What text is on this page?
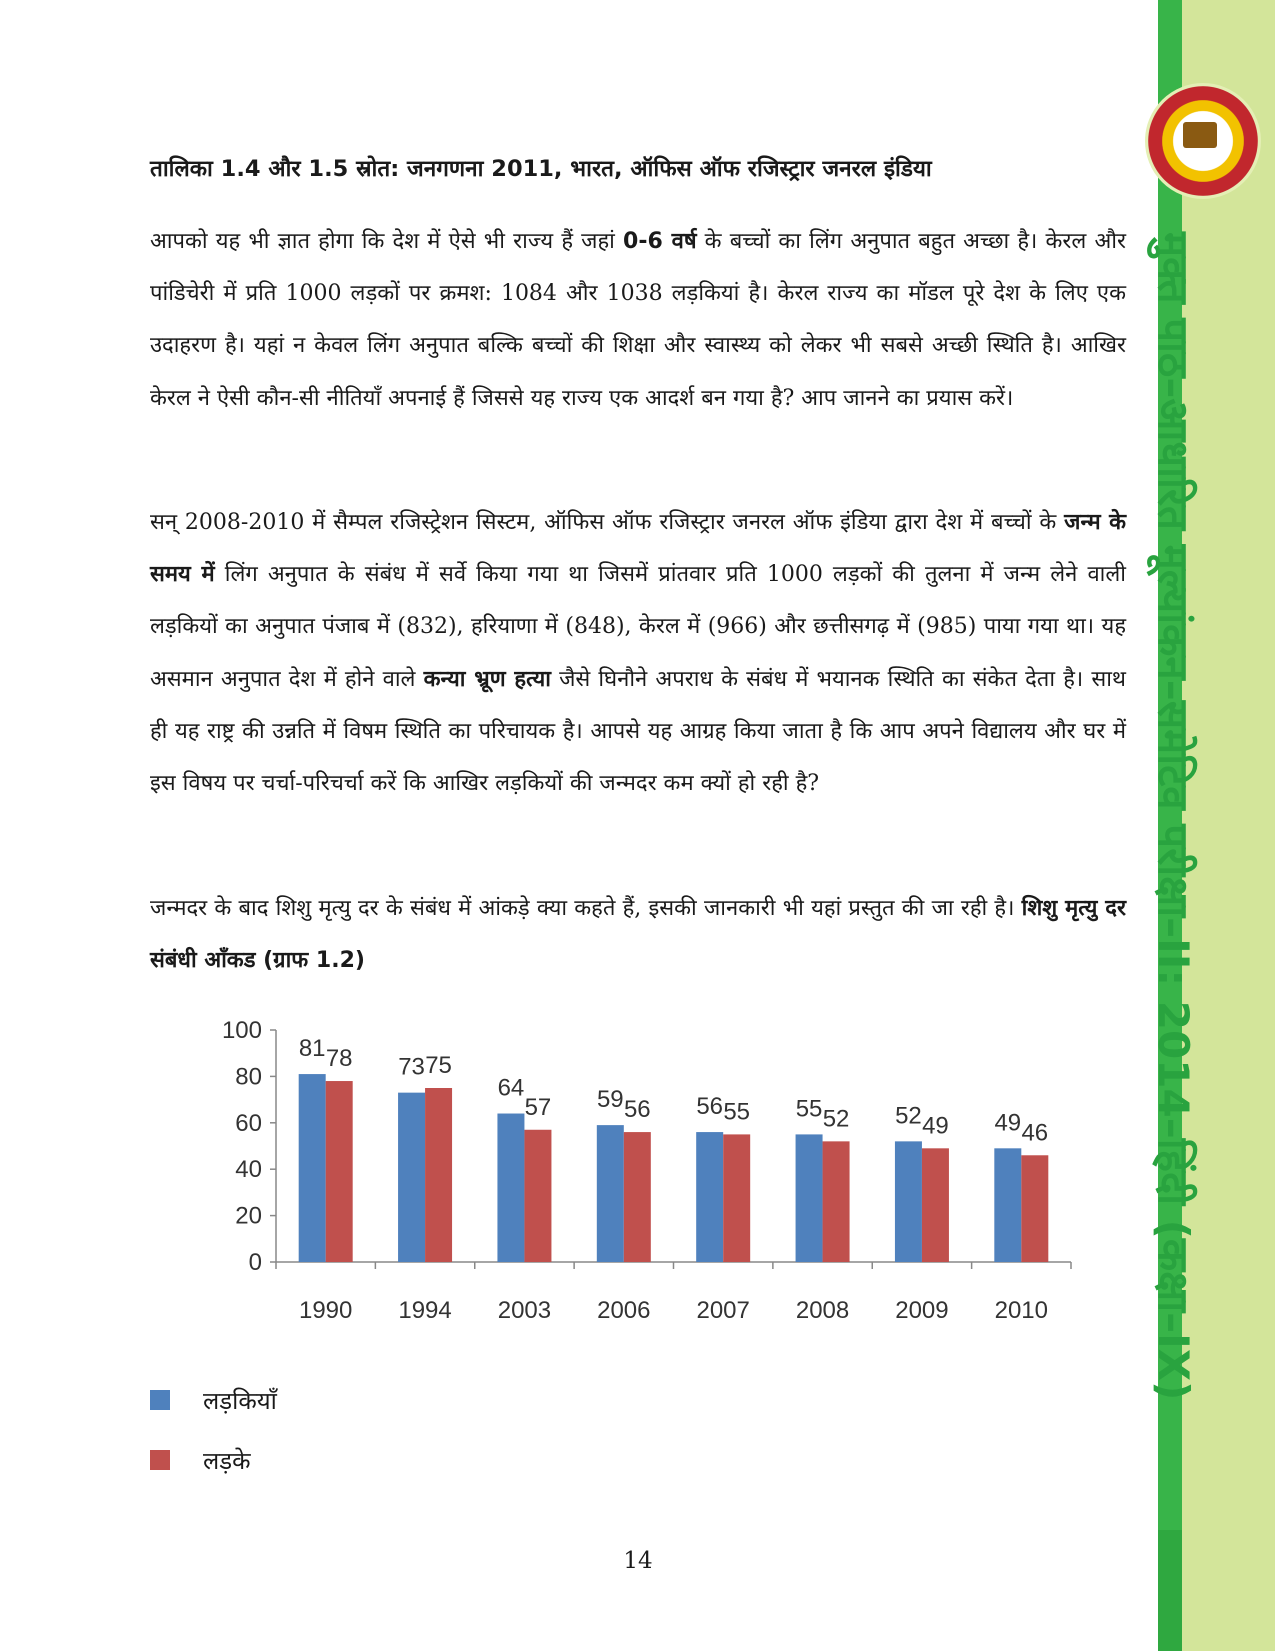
मुक्त पाठ–आधारित मूल्यांकन–समेटिव परीक्षा–II: 2014–हिंदी (कक्षा–IX)
तालिका 1.4 और 1.5 स्रोत: जनगणना 2011, भारत, ऑफिस ऑफ रजिस्ट्रार जनरल इंडिया
आपको यह भी ज्ञात होगा कि देश में ऐसे भी राज्य हैं जहां 0-6 वर्ष के बच्चों का लिंग अनुपात बहुत अच्छा है। केरल और पांडिचेरी में प्रति 1000 लड़कों पर क्रमश: 1084 और 1038 लड़कियां है। केरल राज्य का मॉडल पूरे देश के लिए एक उदाहरण है। यहां न केवल लिंग अनुपात बल्कि बच्चों की शिक्षा और स्वास्थ्य को लेकर भी सबसे अच्छी स्थिति है। आखिर केरल ने ऐसी कौन-सी नीतियाँ अपनाई हैं जिससे यह राज्य एक आदर्श बन गया है? आप जानने का प्रयास करें।
सन् 2008-2010 में सैम्पल रजिस्ट्रेशन सिस्टम, ऑफिस ऑफ रजिस्ट्रार जनरल ऑफ इंडिया द्वारा देश में बच्चों के जन्म के समय में लिंग अनुपात के संबंध में सर्वे किया गया था जिसमें प्रांतवार प्रति 1000 लड़कों की तुलना में जन्म लेने वाली लड़कियों का अनुपात पंजाब में (832), हरियाणा में (848), केरल में (966) और छत्तीसगढ़ में (985) पाया गया था। यह असमान अनुपात देश में होने वाले कन्या भ्रूण हत्या जैसे घिनौने अपराध के संबंध में भयानक स्थिति का संकेत देता है। साथ ही यह राष्ट्र की उन्नति में विषम स्थिति का परिचायक है। आपसे यह आग्रह किया जाता है कि आप अपने विद्यालय और घर में इस विषय पर चर्चा-परिचर्चा करें कि आखिर लड़कियों की जन्मदर कम क्यों हो रही है?
जन्मदर के बाद शिशु मृत्यु दर के संबंध में आंकड़े क्या कहते हैं, इसकी जानकारी भी यहां प्रस्तुत की जा रही है। शिशु मृत्यु दर संबंधी आँकड (ग्राफ 1.2)
0
20
40
60
80
100
1990
81 78
1994
73 75
2003
64
57
2006
59 56
2007
56 55
2008
55 52
2009
52 49
2010
49 46
लड़कियाँ
लड़के
14
